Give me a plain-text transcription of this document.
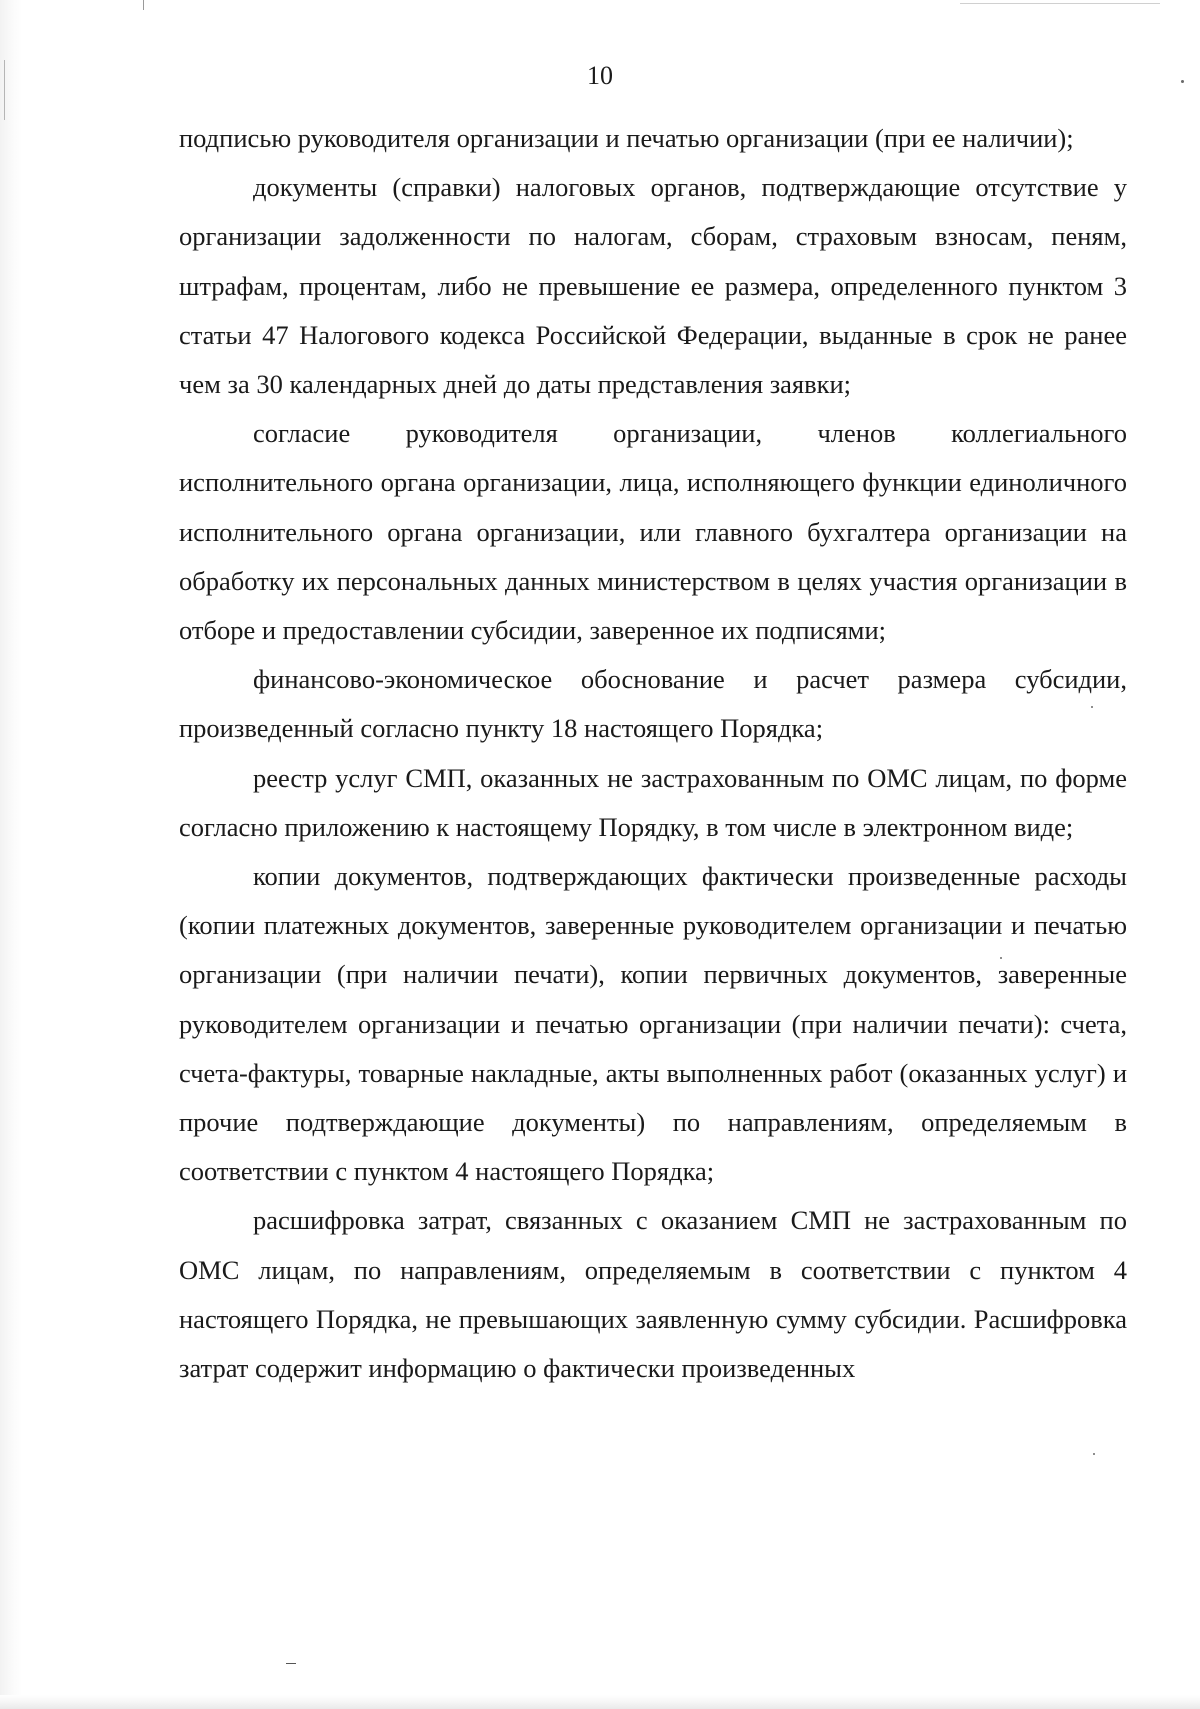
10

подписью руководителя организации и печатью организации (при ее наличии);

документы (справки) налоговых органов, подтверждающие отсутствие у организации задолженности по налогам, сборам, страховым взносам, пеням, штрафам, процентам, либо не превышение ее размера, определенного пунктом 3 статьи 47 Налогового кодекса Российской Федерации, выданные в срок не ранее чем за 30 календарных дней до даты представления заявки;

согласие руководителя организации, членов коллегиального исполнительного органа организации, лица, исполняющего функции единоличного исполнительного органа организации, или главного бухгалтера организации на обработку их персональных данных министерством в целях участия организации в отборе и предоставлении субсидии, заверенное их подписями;

финансово-экономическое обоснование и расчет размера субсидии, произведенный согласно пункту 18 настоящего Порядка;

реестр услуг СМП, оказанных не застрахованным по ОМС лицам, по форме согласно приложению к настоящему Порядку, в том числе в электронном виде;

копии документов, подтверждающих фактически произведенные расходы (копии платежных документов, заверенные руководителем организации и печатью организации (при наличии печати), копии первичных документов, заверенные руководителем организации и печатью организации (при наличии печати): счета, счета-фактуры, товарные накладные, акты выполненных работ (оказанных услуг) и прочие подтверждающие документы) по направлениям, определяемым в соответствии с пунктом 4 настоящего Порядка;

расшифровка затрат, связанных с оказанием СМП не застрахованным по ОМС лицам, по направлениям, определяемым в соответствии с пунктом 4 настоящего Порядка, не превышающих заявленную сумму субсидии. Расшифровка затрат содержит информацию о фактически произведенных
